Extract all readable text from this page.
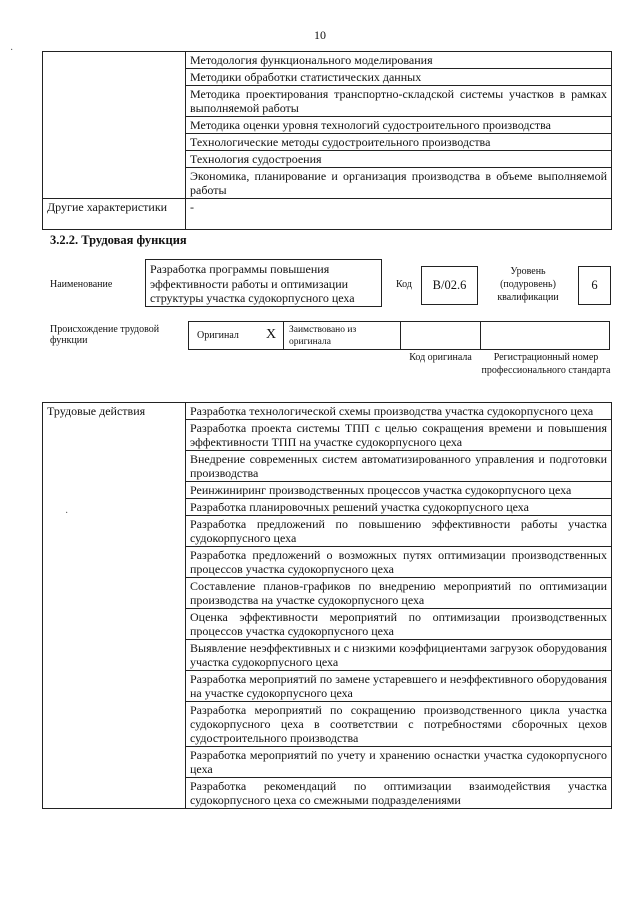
10
·
	Методология функционального моделирования
	Методики обработки статистических данных
	Методика проектирования транспортно-складской системы участков в рамках выполняемой работы
	Методика оценки уровня технологий судостроительного производства
	Технологические методы судостроительного производства
	Технология судостроения
	Экономика, планирование и организация производства в объеме выполняемой работы
Другие характеристики	-
3.2.2. Трудовая функция
Наименование
Разработка программы повышения эффективности работы и оптимизации структуры участка судокорпусного цеха
Код	B/02.6
Уровень (подуровень) квалификации
6
Происхождение трудовой функции	Оригинал X	Заимствовано из оригинала
Код оригинала	Регистрационный номер профессионального стандарта
Трудовые действия	Разработка технологической схемы производства участка судокорпусного цеха
Разработка проекта системы ТПП с целью сокращения времени и повышения эффективности ТПП на участке судокорпусного цеха
Внедрение современных систем автоматизированного управления и подготовки производства
Реинжиниринг производственных процессов участка судокорпусного цеха
Разработка планировочных решений участка судокорпусного цеха
Разработка предложений по повышению эффективности работы участка судокорпусного цеха
Разработка предложений о возможных путях оптимизации производственных процессов участка судокорпусного цеха
Составление планов-графиков по внедрению мероприятий по оптимизации производства на участке судокорпусного цеха
Оценка эффективности мероприятий по оптимизации производственных процессов участка судокорпусного цеха
Выявление неэффективных и с низкими коэффициентами загрузок оборудования участка судокорпусного цеха
Разработка мероприятий по замене устаревшего и неэффективного оборудования на участке судокорпусного цеха
Разработка мероприятий по сокращению производственного цикла участка судокорпусного цеха в соответствии с потребностями сборочных цехов судостроительного производства
Разработка мероприятий по учету и хранению оснастки участка судокорпусного цеха
Разработка рекомендаций по оптимизации взаимодействия участка судокорпусного цеха со смежными подразделениями
·
